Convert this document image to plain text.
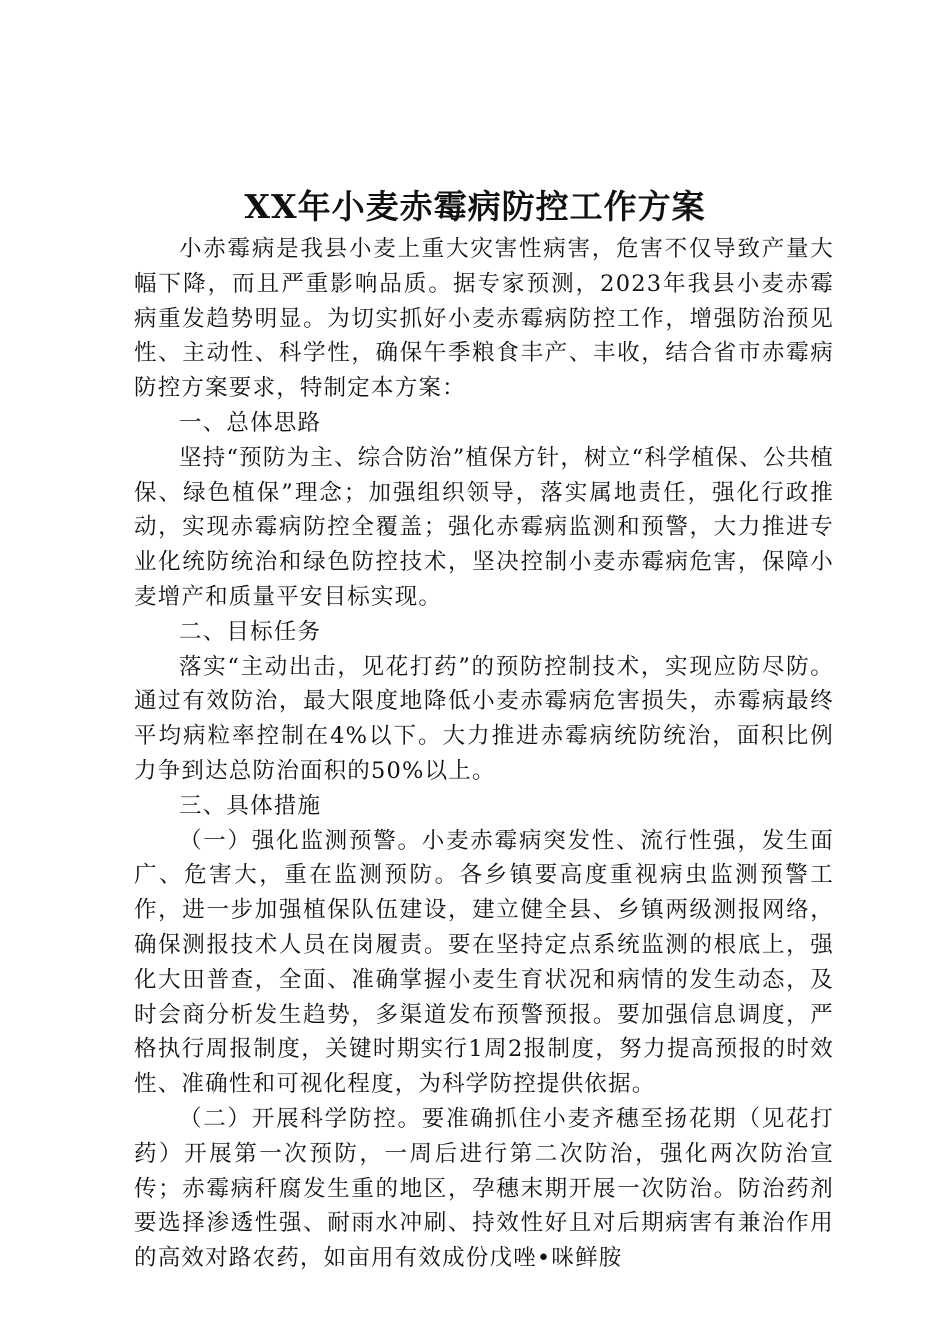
XX年小麦赤霉病防控工作方案

小赤霉病是我县小麦上重大灾害性病害，危害不仅导致产量大幅下降，而且严重影响品质。据专家预测，2023年我县小麦赤霉病重发趋势明显。为切实抓好小麦赤霉病防控工作，增强防治预见性、主动性、科学性，确保午季粮食丰产、丰收，结合省市赤霉病防控方案要求，特制定本方案：

一、总体思路

坚持“预防为主、综合防治”植保方针，树立“科学植保、公共植保、绿色植保”理念；加强组织领导，落实属地责任，强化行政推动，实现赤霉病防控全覆盖；强化赤霉病监测和预警，大力推进专业化统防统治和绿色防控技术，坚决控制小麦赤霉病危害，保障小麦增产和质量平安目标实现。

二、目标任务

落实“主动出击，见花打药”的预防控制技术，实现应防尽防。通过有效防治，最大限度地降低小麦赤霉病危害损失，赤霉病最终平均病粒率控制在4%以下。大力推进赤霉病统防统治，面积比例力争到达总防治面积的50%以上。

三、具体措施

（一）强化监测预警。小麦赤霉病突发性、流行性强，发生面广、危害大，重在监测预防。各乡镇要高度重视病虫监测预警工作，进一步加强植保队伍建设，建立健全县、乡镇两级测报网络，确保测报技术人员在岗履责。要在坚持定点系统监测的根底上，强化大田普查，全面、准确掌握小麦生育状况和病情的发生动态，及时会商分析发生趋势，多渠道发布预警预报。要加强信息调度，严格执行周报制度，关键时期实行1周2报制度，努力提高预报的时效性、准确性和可视化程度，为科学防控提供依据。

（二）开展科学防控。要准确抓住小麦齐穗至扬花期（见花打药）开展第一次预防，一周后进行第二次防治，强化两次防治宣传；赤霉病秆腐发生重的地区，孕穗末期开展一次防治。防治药剂要选择渗透性强、耐雨水冲刷、持效性好且对后期病害有兼治作用的高效对路农药，如亩用有效成份戊唑•咪鲜胺
